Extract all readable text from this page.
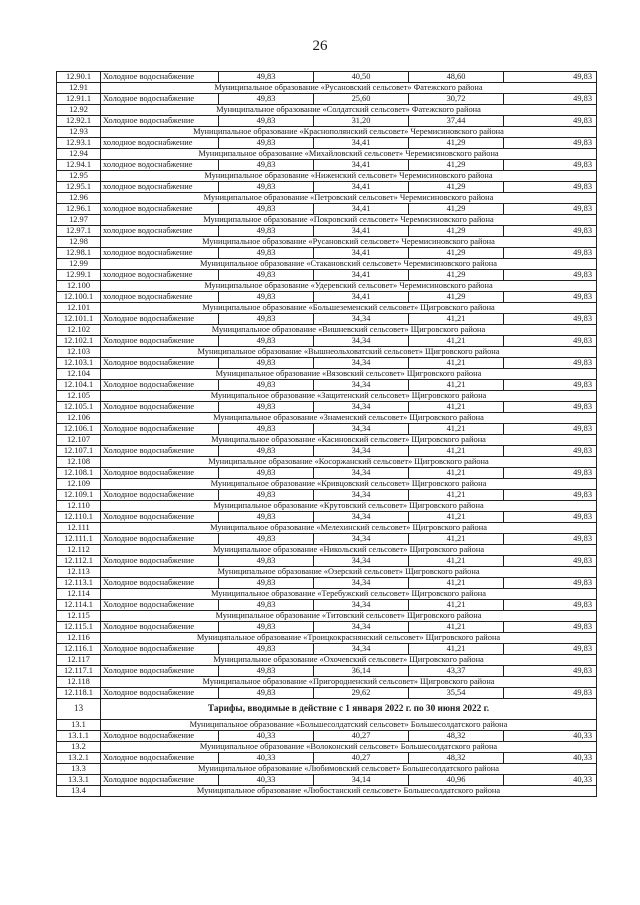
26
12.90.1	Холодное водоснабжение	49,83	40,50	48,60	49,83
12.91	Муниципальное образование «Русановский сельсовет» Фатежского района				
12.91.1	Холодное водоснабжение	49,83	25,60	30,72	49,83
12.92	Муниципальное образование «Солдатский сельсовет» Фатежского района				
12.92.1	Холодное водоснабжение	49,83	31,20	37,44	49,83
12.93	Муниципальное образование «Краснополянский сельсовет» Черемисиновского района				
12.93.1	холодное водоснабжение	49,83	34,41	41,29	49,83
12.94	Муниципальное образование «Михайловский сельсовет» Черемисиновского района				
12.94.1	холодное водоснабжение	49,83	34,41	41,29	49,83
12.95	Муниципальное образование «Ниженский сельсовет» Черемисиновского района				
12.95.1	холодное водоснабжение	49,83	34,41	41,29	49,83
12.96	Муниципальное образование «Петровский сельсовет» Черемисиновского района				
12.96.1	холодное водоснабжение	49,83	34,41	41,29	49,83
12.97	Муниципальное образование «Покровский сельсовет» Черемисиновского района				
12.97.1	холодное водоснабжение	49,83	34,41	41,29	49,83
12.98	Муниципальное образование «Русановский сельсовет» Черемисиновского района				
12.98.1	холодное водоснабжение	49,83	34,41	41,29	49,83
12.99	Муниципальное образование «Стакановский сельсовет» Черемисиновского района				
12.99.1	холодное водоснабжение	49,83	34,41	41,29	49,83
12.100	Муниципальное образование «Удеревский сельсовет» Черемисиновского района				
12.100.1	холодное водоснабжение	49,83	34,41	41,29	49,83
12.101	Муниципальное образование «Большеземенский сельсовет» Щигровского района				
12.101.1	Холодное водоснабжение	49,83	34,34	41,21	49,83
12.102	Муниципальное образование «Вишневский сельсовет» Щигровского района				
12.102.1	Холодное водоснабжение	49,83	34,34	41,21	49,83
12.103	Муниципальное образование «Вышнеольховатский сельсовет» Щигровского района				
12.103.1	Холодное водоснабжение	49,83	34,34	41,21	49,83
12.104	Муниципальное образование «Вязовский сельсовет» Щигровского района				
12.104.1	Холодное водоснабжение	49,83	34,34	41,21	49,83
12.105	Муниципальное образование «Защитенский сельсовет» Щигровского района				
12.105.1	Холодное водоснабжение	49,83	34,34	41,21	49,83
12.106	Муниципальное образование «Знаменский сельсовет» Щигровского района				
12.106.1	Холодное водоснабжение	49,83	34,34	41,21	49,83
12.107	Муниципальное образование «Касиновский сельсовет» Щигровского района				
12.107.1	Холодное водоснабжение	49,83	34,34	41,21	49,83
12.108	Муниципальное образование «Косоржанский сельсовет» Щигровского района				
12.108.1	Холодное водоснабжение	49,83	34,34	41,21	49,83
12.109	Муниципальное образование «Кривцовский сельсовет» Щигровского района				
12.109.1	Холодное водоснабжение	49,83	34,34	41,21	49,83
12.110	Муниципальное образование «Крутовский сельсовет» Щигровского района				
12.110.1	Холодное водоснабжение	49,83	34,34	41,21	49,83
12.111	Муниципальное образование «Мелехинский сельсовет» Щигровского района				
12.111.1	Холодное водоснабжение	49,83	34,34	41,21	49,83
12.112	Муниципальное образование «Никольский сельсовет» Щигровского района				
12.112.1	Холодное водоснабжение	49,83	34,34	41,21	49,83
12.113	Муниципальное образование «Озерский сельсовет» Щигровского района				
12.113.1	Холодное водоснабжение	49,83	34,34	41,21	49,83
12.114	Муниципальное образование «Теребужский сельсовет» Щигровского района				
12.114.1	Холодное водоснабжение	49,83	34,34	41,21	49,83
12.115	Муниципальное образование «Титовский сельсовет» Щигровского района				
12.115.1	Холодное водоснабжение	49,83	34,34	41,21	49,83
12.116	Муниципальное образование «Троицкокраснянский сельсовет» Щигровского района				
12.116.1	Холодное водоснабжение	49,83	34,34	41,21	49,83
12.117	Муниципальное образование «Охочевский сельсовет» Щигровского района				
12.117.1	Холодное водоснабжение	49,83	36,14	43,37	49,83
12.118	Муниципальное образование «Пригородненский сельсовет» Щигровского района				
12.118.1	Холодное водоснабжение	49,83	29,62	35,54	49,83
13	Тарифы, вводимые в действие с 1 января 2022 г. по 30 июня 2022 г.				
13.1	Муниципальное образование «Большесолдатский сельсовет» Большесолдатского района				
13.1.1	Холодное водоснабжение	40,33	40,27	48,32	40,33
13.2	Муниципальное образование «Волоконский сельсовет» Большесолдатского района				
13.2.1	Холодное водоснабжение	40,33	40,27	48,32	40,33
13.3	Муниципальное образование «Любимовский сельсовет» Большесолдатского района				
13.3.1	Холодное водоснабжение	40,33	34,14	40,96	40,33
13.4	Муниципальное образование «Любостанский сельсовет» Большесолдатского района				
